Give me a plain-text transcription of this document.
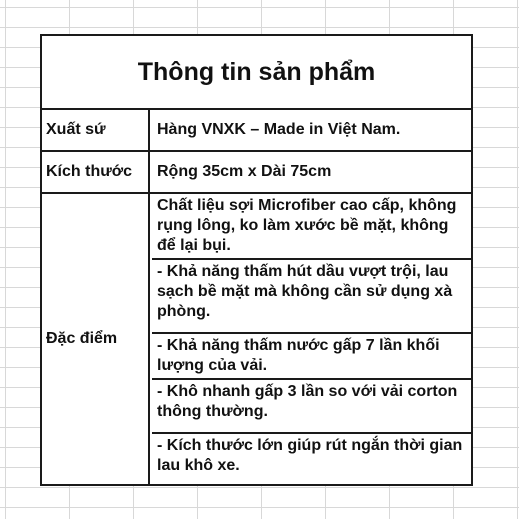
Thông tin sản phẩm
Xuất sứ	Hàng VNXK – Made in Việt Nam.
Kích thước	Rộng 35cm x Dài 75cm
Đặc điểm
Chất liệu sợi Microfiber cao cấp, không rụng lông, ko làm xước bề mặt, không để lại bụi.
- Khả năng thấm hút dầu vượt trội, lau sạch bề mặt mà không cần sử dụng xà phòng.
- Khả năng thấm nước gấp 7 lần khối lượng của vải.
- Khô nhanh gấp 3 lần so với vải corton thông thường.
- Kích thước lớn giúp rút ngắn thời gian lau khô xe.
